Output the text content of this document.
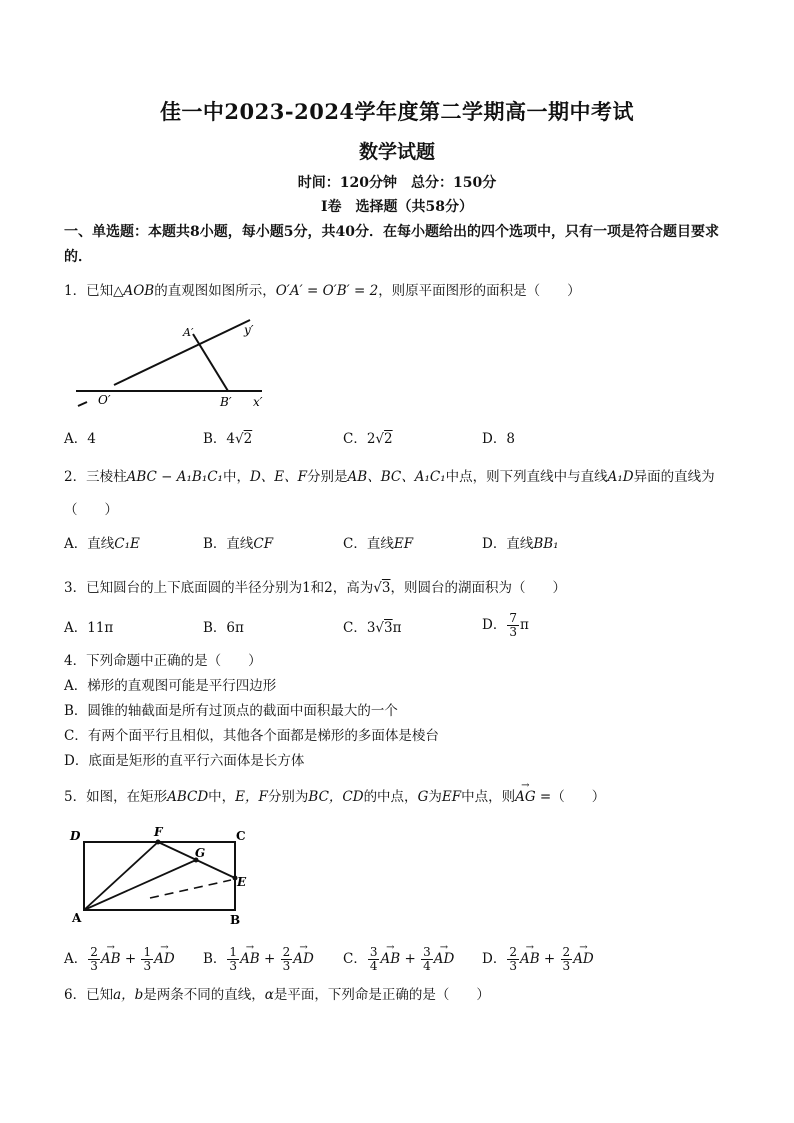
佳一中2023-2024学年度第二学期高一期中考试
数学试题
时间：120分钟　总分：150分
I卷　选择题（共58分）
一、单选题：本题共8小题，每小题5分，共40分．在每小题给出的四个选项中，只有一项是符合题目要求的．
1．已知△AOB的直观图如图所示，O′A′ = O′B′ = 2，则原平面图形的面积是（　　）
y′
A′
O′	B′ x′
A．4	B．4√2	C．2√2	D．8
2．三棱柱ABC − A₁B₁C₁中，D、E、F分别是AB、BC、A₁C₁中点，则下列直线中与直线A₁D异面的直线为
（　　）
A．直线C₁E	B．直线CF	C．直线EF	D．直线BB₁
3．已知圆台的上下底面圆的半径分别为1和2，高为√3，则圆台的湖面积为（　　）
A．11π	B．6π	C．3√3π	D． $\frac{7}{3}$ π
4．下列命题中正确的是（　　）
A．梯形的直观图可能是平行四边形
B．圆锥的轴截面是所有过顶点的截面中面积最大的一个
C．有两个面平行且相似，其他各个面都是梯形的多面体是棱台
D．底面是矩形的直平行六面体是长方体
5．如图，在矩形ABCD中，E，F分别为BC，CD的中点，G为EF中点，则→ AG =（　　）
D	F	C
G
E
A	B
A． $\frac{2}{3}$ → AB + $\frac{1}{3}$ → AD B． $\frac{1}{3}$ → AB + $\frac{2}{3}$ → AD C． $\frac{3}{4}$ → AB + $\frac{3}{4}$ → AD D． $\frac{2}{3}$ → AB + $\frac{2}{3}$ → AD
6．已知a，b是两条不同的直线，α是平面，下列命是正确的是（　　）
